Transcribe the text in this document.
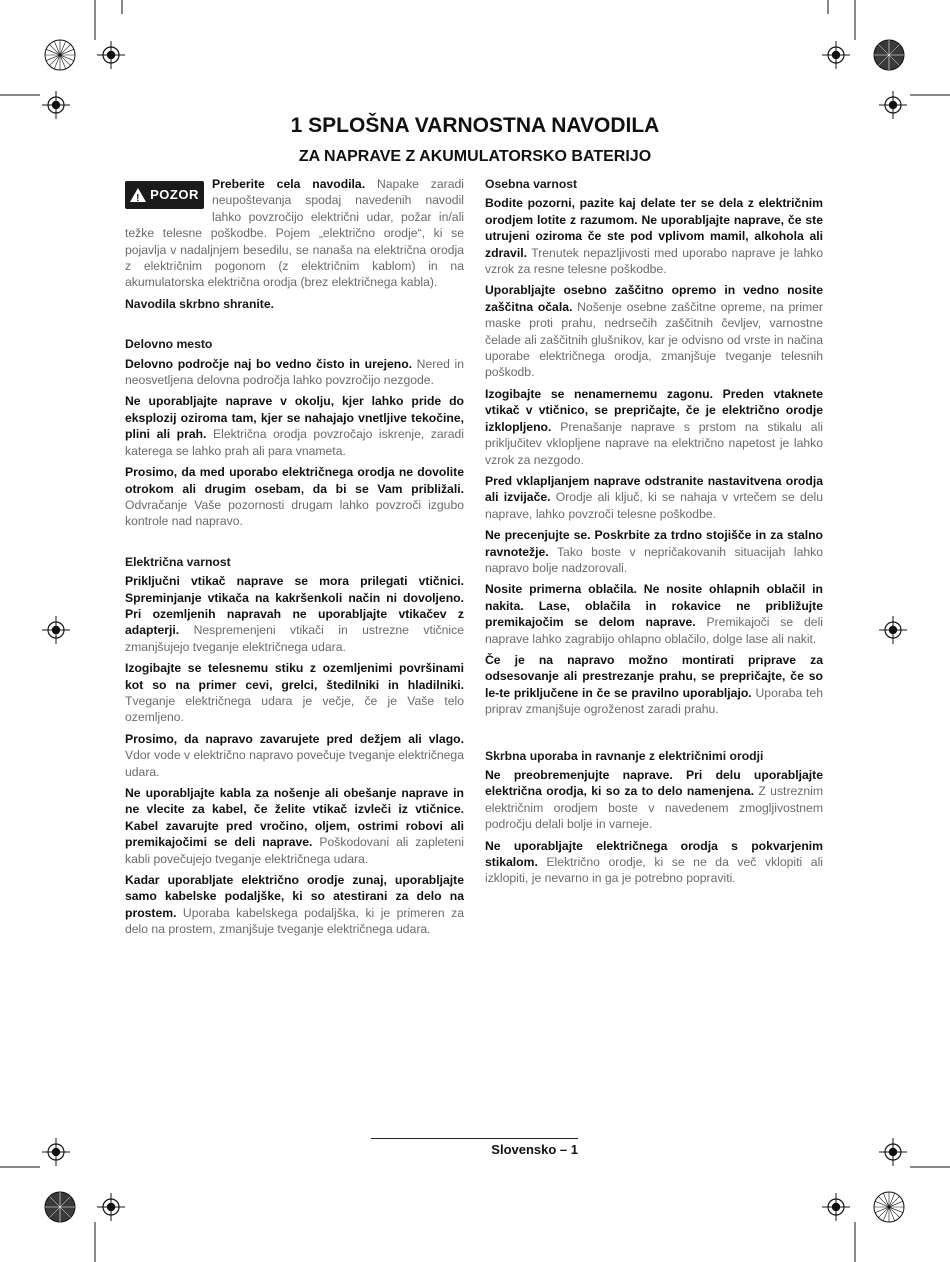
1 SPLOŠNA VARNOSTNA NAVODILA
ZA NAPRAVE Z AKUMULATORSKO BATERIJO
! POZOR

Preberite cela navodila. Napake zaradi neupoštevanja spodaj navedenih navodil lahko povzročijo električni udar, požar in/ali težke telesne poškodbe. Pojem „električno orodje“, ki se pojavlja v nadaljnjem besedilu, se nanaša na električna orodja z električnim pogonom (z električnim kablom) in na akumulatorska električna orodja (brez električnega kabla).

Navodila skrbno shranite.

Delovno mesto

Delovno področje naj bo vedno čisto in urejeno. Nered in neosvetljena delovna področja lahko povzročijo nezgode.

Ne uporabljajte naprave v okolju, kjer lahko pride do eksplozij oziroma tam, kjer se nahajajo vnetljive tekočine, plini ali prah. Električna orodja povzročajo iskrenje, zaradi katerega se lahko prah ali para vnameta.

Prosimo, da med uporabo električnega orodja ne dovolite otrokom ali drugim osebam, da bi se Vam približali. Odvračanje Vaše pozornosti drugam lahko povzroči izgubo kontrole nad napravo.

Električna varnost

Priključni vtikač naprave se mora prilegati vtičnici. Spreminjanje vtikača na kakršenkoli način ni dovoljeno. Pri ozemljenih napravah ne uporabljajte vtikačev z adapterji. Nespremenjeni vtikači in ustrezne vtičnice zmanjšujejo tveganje električnega udara.

Izogibajte se telesnemu stiku z ozemljenimi površinami kot so na primer cevi, grelci, štedilniki in hladilniki. Tveganje električnega udara je večje, če je Vaše telo ozemljeno.

Prosimo, da napravo zavarujete pred dežjem ali vlago. Vdor vode v električno napravo povečuje tveganje električnega udara.

Ne uporabljajte kabla za nošenje ali obešanje naprave in ne vlecite za kabel, če želite vtikač izvleči iz vtičnice. Kabel zavarujte pred vročino, oljem, ostrimi robovi ali premikajočimi se deli naprave. Poškodovani ali zapleteni kabli povečujejo tveganje električnega udara.

Kadar uporabljate električno orodje zunaj, uporabljajte samo kabelske podaljške, ki so atestirani za delo na prostem. Uporaba kabelskega podaljška, ki je primeren za delo na prostem, zmanjšuje tveganje električnega udara.

Osebna varnost

Bodite pozorni, pazite kaj delate ter se dela z električnim orodjem lotite z razumom. Ne uporabljajte naprave, če ste utrujeni oziroma če ste pod vplivom mamil, alkohola ali zdravil. Trenutek nepazljivosti med uporabo naprave je lahko vzrok za resne telesne poškodbe.

Uporabljajte osebno zaščitno opremo in vedno nosite zaščitna očala. Nošenje osebne zaščitne opreme, na primer maske proti prahu, nedrsečih zaščitnih čevljev, varnostne čelade ali zaščitnih glušnikov, kar je odvisno od vrste in načina uporabe električnega orodja, zmanjšuje tveganje telesnih poškodb.

Izogibajte se nenamernemu zagonu. Preden vtaknete vtikač v vtičnico, se prepričajte, če je električno orodje izklopljeno. Prenašanje naprave s prstom na stikalu ali priključitev vklopljene naprave na električno napetost je lahko vzrok za nezgodo.

Pred vklapljanjem naprave odstranite nastavitvena orodja ali izvijače. Orodje ali ključ, ki se nahaja v vrtečem se delu naprave, lahko povzroči telesne poškodbe.

Ne precenjujte se. Poskrbite za trdno stojišče in za stalno ravnotežje. Tako boste v nepričakovanih situacijah lahko napravo bolje nadzorovali.

Nosite primerna oblačila. Ne nosite ohlapnih oblačil in nakita. Lase, oblačila in rokavice ne približujte premikajočim se delom naprave. Premikajoči se deli naprave lahko zagrabijo ohlapno oblačilo, dolge lase ali nakit.

Če je na napravo možno montirati priprave za odsesovanje ali prestrezanje prahu, se prepričajte, če so le-te priključene in če se pravilno uporabljajo. Uporaba teh priprav zmanjšuje ogroženost zaradi prahu.

Skrbna uporaba in ravnanje z električnimi orodji

Ne preobremenjujte naprave. Pri delu uporabljajte električna orodja, ki so za to delo namenjena. Z ustreznim električnim orodjem boste v navedenem zmogljivostnem področju delali bolje in varneje.

Ne uporabljajte električnega orodja s pokvarjenim stikalom. Električno orodje, ki se ne da več vklopiti ali izklopiti, je nevarno in ga je potrebno popraviti.

Slovensko – 1
